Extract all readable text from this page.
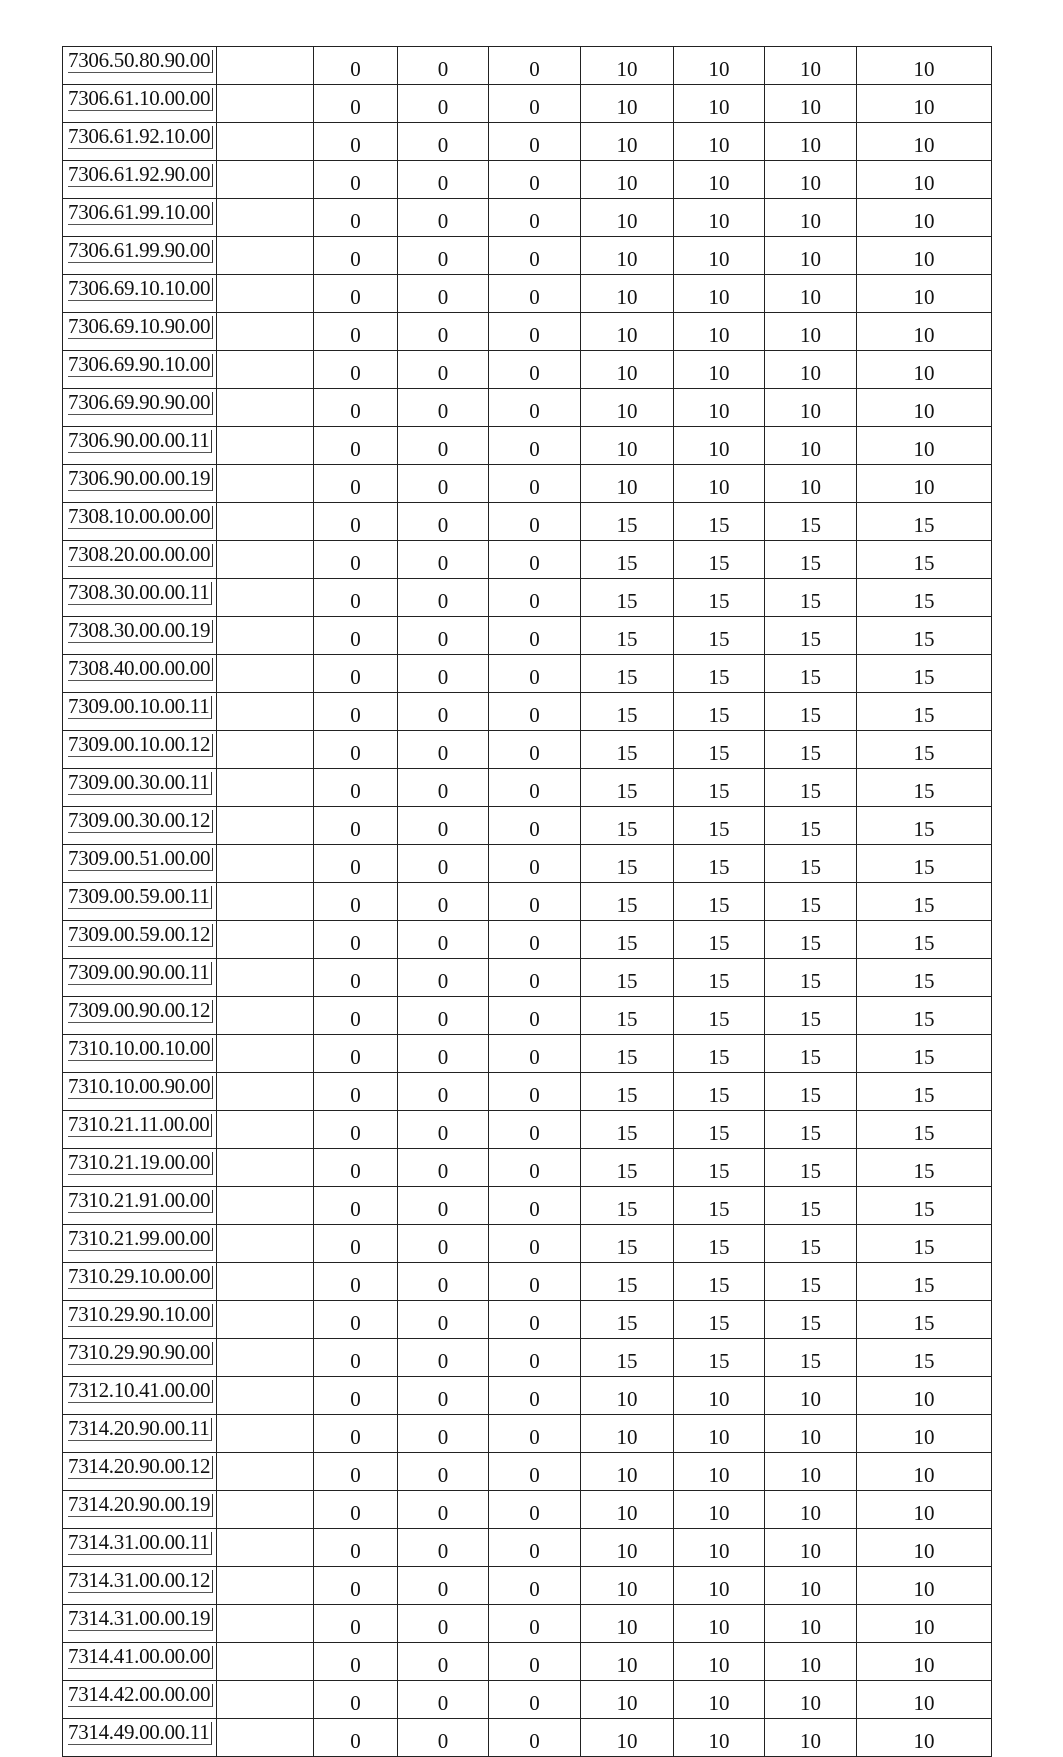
7306.50.80.90.00		0	0	0	10	10	10	10
7306.61.10.00.00		0	0	0	10	10	10	10
7306.61.92.10.00		0	0	0	10	10	10	10
7306.61.92.90.00		0	0	0	10	10	10	10
7306.61.99.10.00		0	0	0	10	10	10	10
7306.61.99.90.00		0	0	0	10	10	10	10
7306.69.10.10.00		0	0	0	10	10	10	10
7306.69.10.90.00		0	0	0	10	10	10	10
7306.69.90.10.00		0	0	0	10	10	10	10
7306.69.90.90.00		0	0	0	10	10	10	10
7306.90.00.00.11		0	0	0	10	10	10	10
7306.90.00.00.19		0	0	0	10	10	10	10
7308.10.00.00.00		0	0	0	15	15	15	15
7308.20.00.00.00		0	0	0	15	15	15	15
7308.30.00.00.11		0	0	0	15	15	15	15
7308.30.00.00.19		0	0	0	15	15	15	15
7308.40.00.00.00		0	0	0	15	15	15	15
7309.00.10.00.11		0	0	0	15	15	15	15
7309.00.10.00.12		0	0	0	15	15	15	15
7309.00.30.00.11		0	0	0	15	15	15	15
7309.00.30.00.12		0	0	0	15	15	15	15
7309.00.51.00.00		0	0	0	15	15	15	15
7309.00.59.00.11		0	0	0	15	15	15	15
7309.00.59.00.12		0	0	0	15	15	15	15
7309.00.90.00.11		0	0	0	15	15	15	15
7309.00.90.00.12		0	0	0	15	15	15	15
7310.10.00.10.00		0	0	0	15	15	15	15
7310.10.00.90.00		0	0	0	15	15	15	15
7310.21.11.00.00		0	0	0	15	15	15	15
7310.21.19.00.00		0	0	0	15	15	15	15
7310.21.91.00.00		0	0	0	15	15	15	15
7310.21.99.00.00		0	0	0	15	15	15	15
7310.29.10.00.00		0	0	0	15	15	15	15
7310.29.90.10.00		0	0	0	15	15	15	15
7310.29.90.90.00		0	0	0	15	15	15	15
7312.10.41.00.00		0	0	0	10	10	10	10
7314.20.90.00.11		0	0	0	10	10	10	10
7314.20.90.00.12		0	0	0	10	10	10	10
7314.20.90.00.19		0	0	0	10	10	10	10
7314.31.00.00.11		0	0	0	10	10	10	10
7314.31.00.00.12		0	0	0	10	10	10	10
7314.31.00.00.19		0	0	0	10	10	10	10
7314.41.00.00.00		0	0	0	10	10	10	10
7314.42.00.00.00		0	0	0	10	10	10	10
7314.49.00.00.11		0	0	0	10	10	10	10
